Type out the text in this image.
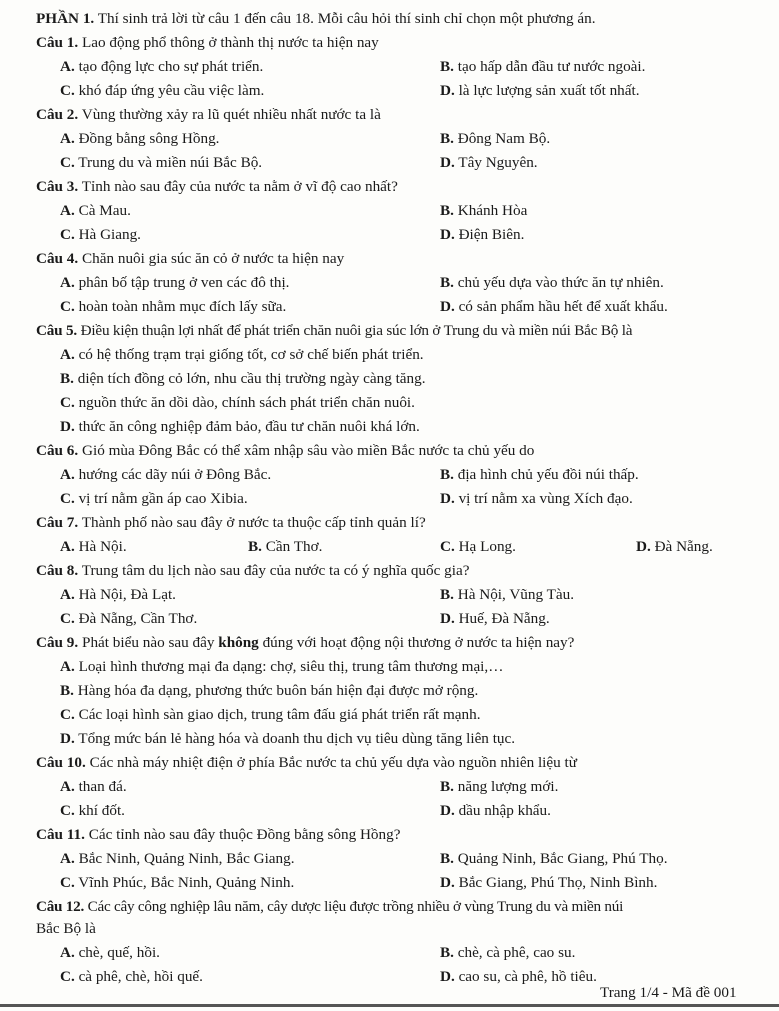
PHẦN 1. Thí sinh trả lời từ câu 1 đến câu 18. Mỗi câu hỏi thí sinh chỉ chọn một phương án.
Câu 1. Lao động phổ thông ở thành thị nước ta hiện nay
A. tạo động lực cho sự phát triển.	B. tạo hấp dẫn đầu tư nước ngoài.
C. khó đáp ứng yêu cầu việc làm.	D. là lực lượng sản xuất tốt nhất.
Câu 2. Vùng thường xảy ra lũ quét nhiều nhất nước ta là
A. Đồng bằng sông Hồng.	B. Đông Nam Bộ.
C. Trung du và miền núi Bắc Bộ.	D. Tây Nguyên.
Câu 3. Tỉnh nào sau đây của nước ta nằm ở vĩ độ cao nhất?
A. Cà Mau.	B. Khánh Hòa
C. Hà Giang.	D. Điện Biên.
Câu 4. Chăn nuôi gia súc ăn cỏ ở nước ta hiện nay
A. phân bố tập trung ở ven các đô thị.	B. chủ yếu dựa vào thức ăn tự nhiên.
C. hoàn toàn nhằm mục đích lấy sữa.	D. có sản phẩm hầu hết để xuất khẩu.
Câu 5. Điều kiện thuận lợi nhất để phát triển chăn nuôi gia súc lớn ở Trung du và miền núi Bắc Bộ là
A. có hệ thống trạm trại giống tốt, cơ sở chế biến phát triển.
B. diện tích đồng cỏ lớn, nhu cầu thị trường ngày càng tăng.
C. nguồn thức ăn dồi dào, chính sách phát triển chăn nuôi.
D. thức ăn công nghiệp đảm bảo, đầu tư chăn nuôi khá lớn.
Câu 6. Gió mùa Đông Bắc có thể xâm nhập sâu vào miền Bắc nước ta chủ yếu do
A. hướng các dãy núi ở Đông Bắc.	B. địa hình chủ yếu đồi núi thấp.
C. vị trí nằm gần áp cao Xibia.	D. vị trí nằm xa vùng Xích đạo.
Câu 7. Thành phố nào sau đây ở nước ta thuộc cấp tỉnh quản lí?
A. Hà Nội.	B. Cần Thơ.	C. Hạ Long.	D. Đà Nẵng.
Câu 8. Trung tâm du lịch nào sau đây của nước ta có ý nghĩa quốc gia?
A. Hà Nội, Đà Lạt.	B. Hà Nội, Vũng Tàu.
C. Đà Nẵng, Cần Thơ.	D. Huế, Đà Nẵng.
Câu 9. Phát biểu nào sau đây không đúng với hoạt động nội thương ở nước ta hiện nay?
A. Loại hình thương mại đa dạng: chợ, siêu thị, trung tâm thương mại,…
B. Hàng hóa đa dạng, phương thức buôn bán hiện đại được mở rộng.
C. Các loại hình sàn giao dịch, trung tâm đấu giá phát triển rất mạnh.
D. Tổng mức bán lẻ hàng hóa và doanh thu dịch vụ tiêu dùng tăng liên tục.
Câu 10. Các nhà máy nhiệt điện ở phía Bắc nước ta chủ yếu dựa vào nguồn nhiên liệu từ
A. than đá.	B. năng lượng mới.
C. khí đốt.	D. dầu nhập khẩu.
Câu 11. Các tỉnh nào sau đây thuộc Đồng bằng sông Hồng?
A. Bắc Ninh, Quảng Ninh, Bắc Giang.	B. Quảng Ninh, Bắc Giang, Phú Thọ.
C. Vĩnh Phúc, Bắc Ninh, Quảng Ninh.	D. Bắc Giang, Phú Thọ, Ninh Bình.
Câu 12. Các cây công nghiệp lâu năm, cây dược liệu được trồng nhiều ở vùng Trung du và miền núi
Bắc Bộ là
A. chè, quế, hồi.	B. chè, cà phê, cao su.
C. cà phê, chè, hồi quế.	D. cao su, cà phê, hồ tiêu.
Trang 1/4 - Mã đề 001
